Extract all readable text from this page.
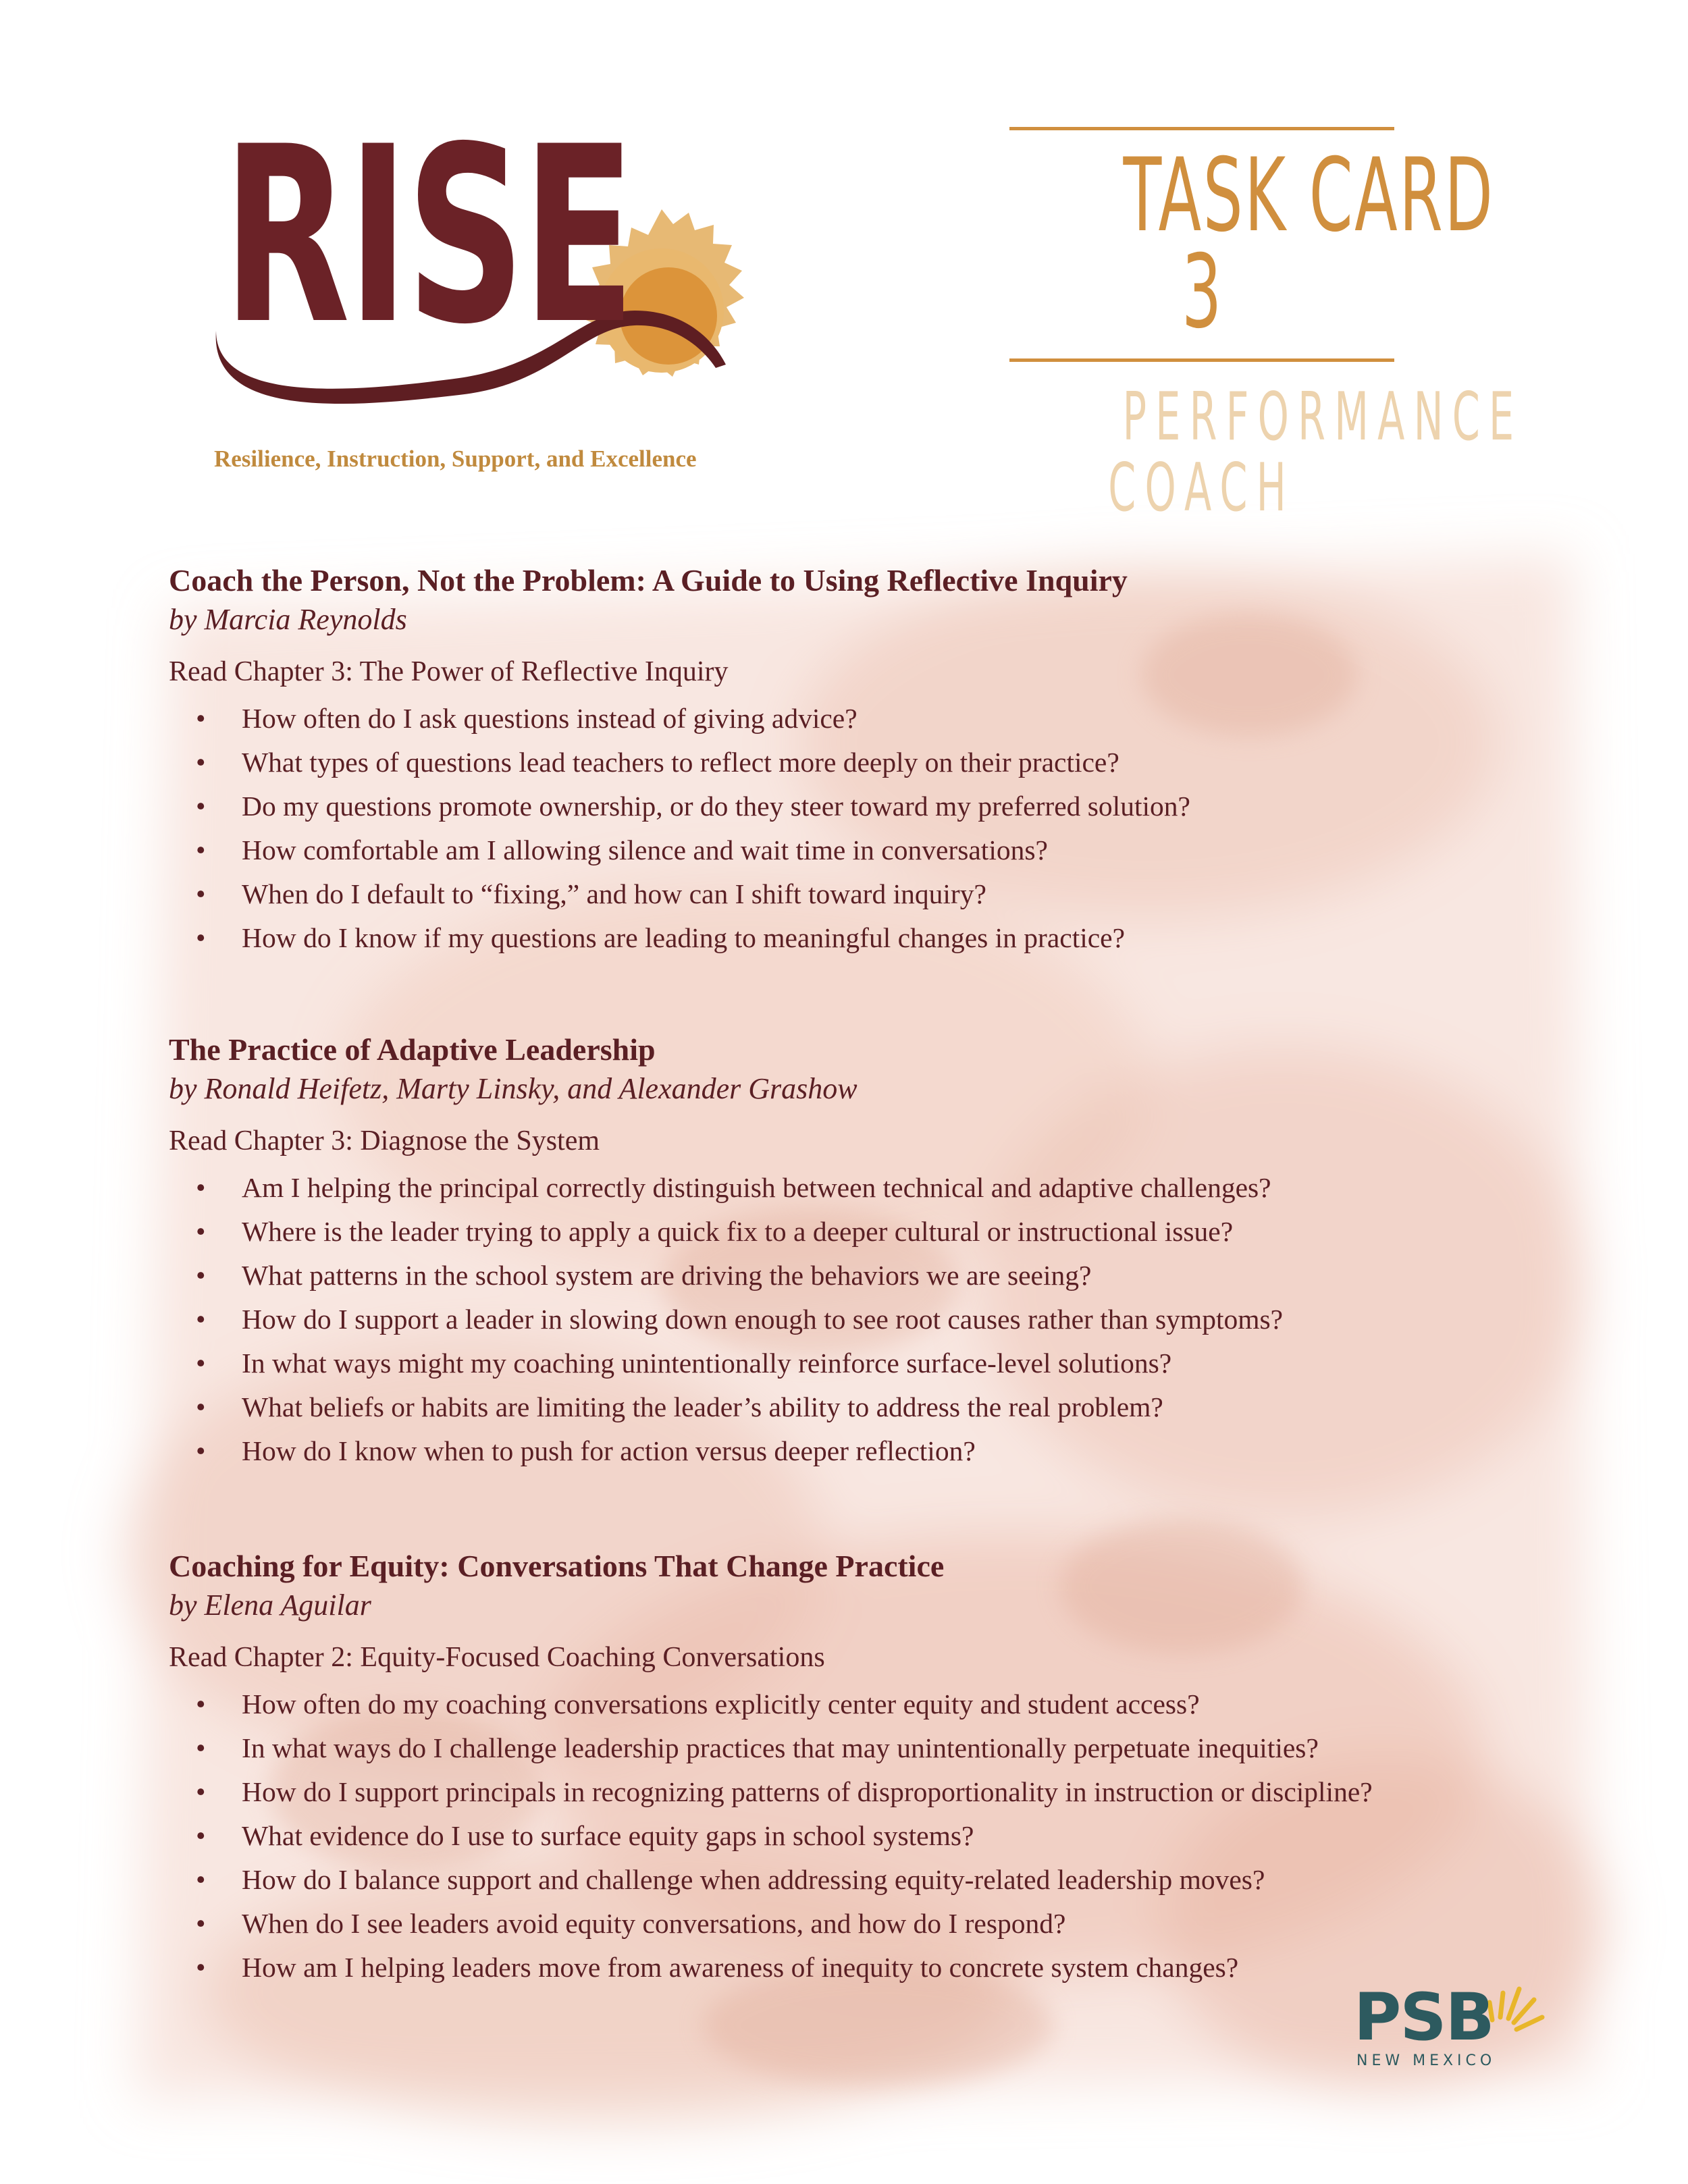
RISE
Resilience, Instruction, Support, and Excellence
TASK CARD
3
PERFORMANCE
COACH
Coach the Person, Not the Problem: A Guide to Using Reflective Inquiry
by Marcia Reynolds
Read Chapter 3: The Power of Reflective Inquiry
• How often do I ask questions instead of giving advice?
• What types of questions lead teachers to reflect more deeply on their practice?
• Do my questions promote ownership, or do they steer toward my preferred solution?
• How comfortable am I allowing silence and wait time in conversations?
• When do I default to “fixing,” and how can I shift toward inquiry?
• How do I know if my questions are leading to meaningful changes in practice?
The Practice of Adaptive Leadership
by Ronald Heifetz, Marty Linsky, and Alexander Grashow
Read Chapter 3: Diagnose the System
• Am I helping the principal correctly distinguish between technical and adaptive challenges?
• Where is the leader trying to apply a quick fix to a deeper cultural or instructional issue?
• What patterns in the school system are driving the behaviors we are seeing?
• How do I support a leader in slowing down enough to see root causes rather than symptoms?
• In what ways might my coaching unintentionally reinforce surface-level solutions?
• What beliefs or habits are limiting the leader’s ability to address the real problem?
• How do I know when to push for action versus deeper reflection?
Coaching for Equity: Conversations That Change Practice
by Elena Aguilar
Read Chapter 2: Equity-Focused Coaching Conversations
• How often do my coaching conversations explicitly center equity and student access?
• In what ways do I challenge leadership practices that may unintentionally perpetuate inequities?
• How do I support principals in recognizing patterns of disproportionality in instruction or discipline?
• What evidence do I use to surface equity gaps in school systems?
• How do I balance support and challenge when addressing equity-related leadership moves?
• When do I see leaders avoid equity conversations, and how do I respond?
• How am I helping leaders move from awareness of inequity to concrete system changes?
PSB
NEW MEXICO
